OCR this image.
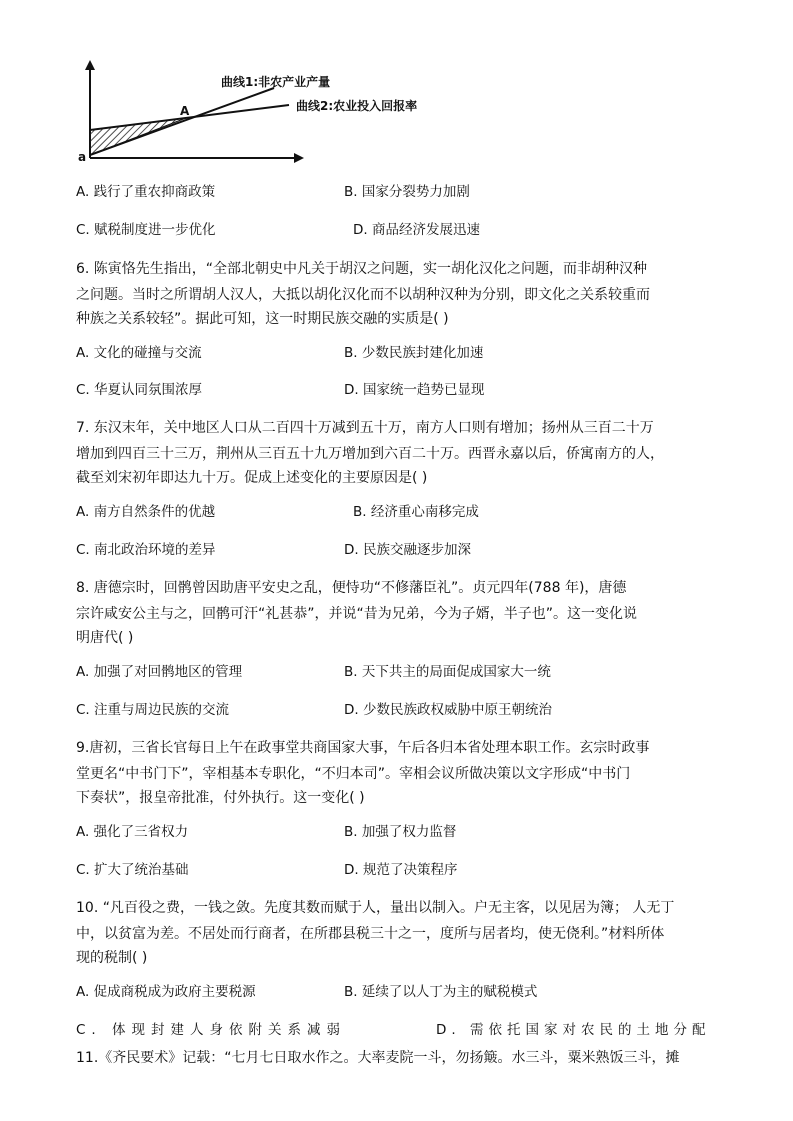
a
A
曲线1:非农产业产量
曲线2:农业投入回报率
A. 践行了重农抑商政策	B. 国家分裂势力加剧
C. 赋税制度进一步优化	D. 商品经济发展迅速
6. 陈寅恪先生指出，“全部北朝史中凡关于胡汉之问题，实一胡化汉化之问题，而非胡种汉种
之问题。当时之所谓胡人汉人，大抵以胡化汉化而不以胡种汉种为分别，即文化之关系较重而
种族之关系较轻”。据此可知，这一时期民族交融的实质是( )
A. 文化的碰撞与交流	B. 少数民族封建化加速
C. 华夏认同氛围浓厚	D. 国家统一趋势已显现
7. 东汉末年，关中地区人口从二百四十万减到五十万，南方人口则有增加；扬州从三百二十万
增加到四百三十三万，荆州从三百五十九万增加到六百二十万。西晋永嘉以后，侨寓南方的人，
截至刘宋初年即达九十万。促成上述变化的主要原因是( )
A. 南方自然条件的优越	B. 经济重心南移完成
C. 南北政治环境的差异	D. 民族交融逐步加深
8. 唐德宗时，回鹘曾因助唐平安史之乱，便恃功“不修藩臣礼”。贞元四年(788 年)，唐德
宗许咸安公主与之，回鹘可汗“礼甚恭”，并说“昔为兄弟，今为子婿，半子也”。这一变化说
明唐代( )
A. 加强了对回鹘地区的管理	B. 天下共主的局面促成国家大一统
C. 注重与周边民族的交流	D. 少数民族政权威胁中原王朝统治
9.唐初，三省长官每日上午在政事堂共商国家大事，午后各归本省处理本职工作。玄宗时政事
堂更名“中书门下”，宰相基本专职化，“不归本司”。宰相会议所做决策以文字形成“中书门
下奏状”，报皇帝批准，付外执行。这一变化( )
A. 强化了三省权力	B. 加强了权力监督
C. 扩大了统治基础	D. 规范了决策程序
10. “凡百役之费，一钱之敛。先度其数而赋于人，量出以制入。户无主客，以见居为簿； 人无丁
中，以贫富为差。不居处而行商者，在所郡县税三十之一，度所与居者均，使无侥利。”材料所体
现的税制( )
A. 促成商税成为政府主要税源	B. 延续了以人丁为主的赋税模式
C. 体现封建人身依附关系减弱	D. 需依托国家对农民的土地分配
11.《齐民要术》记载：“七月七日取水作之。大率麦院一斗，勿扬簸。水三斗，粟米熟饭三斗，摊
